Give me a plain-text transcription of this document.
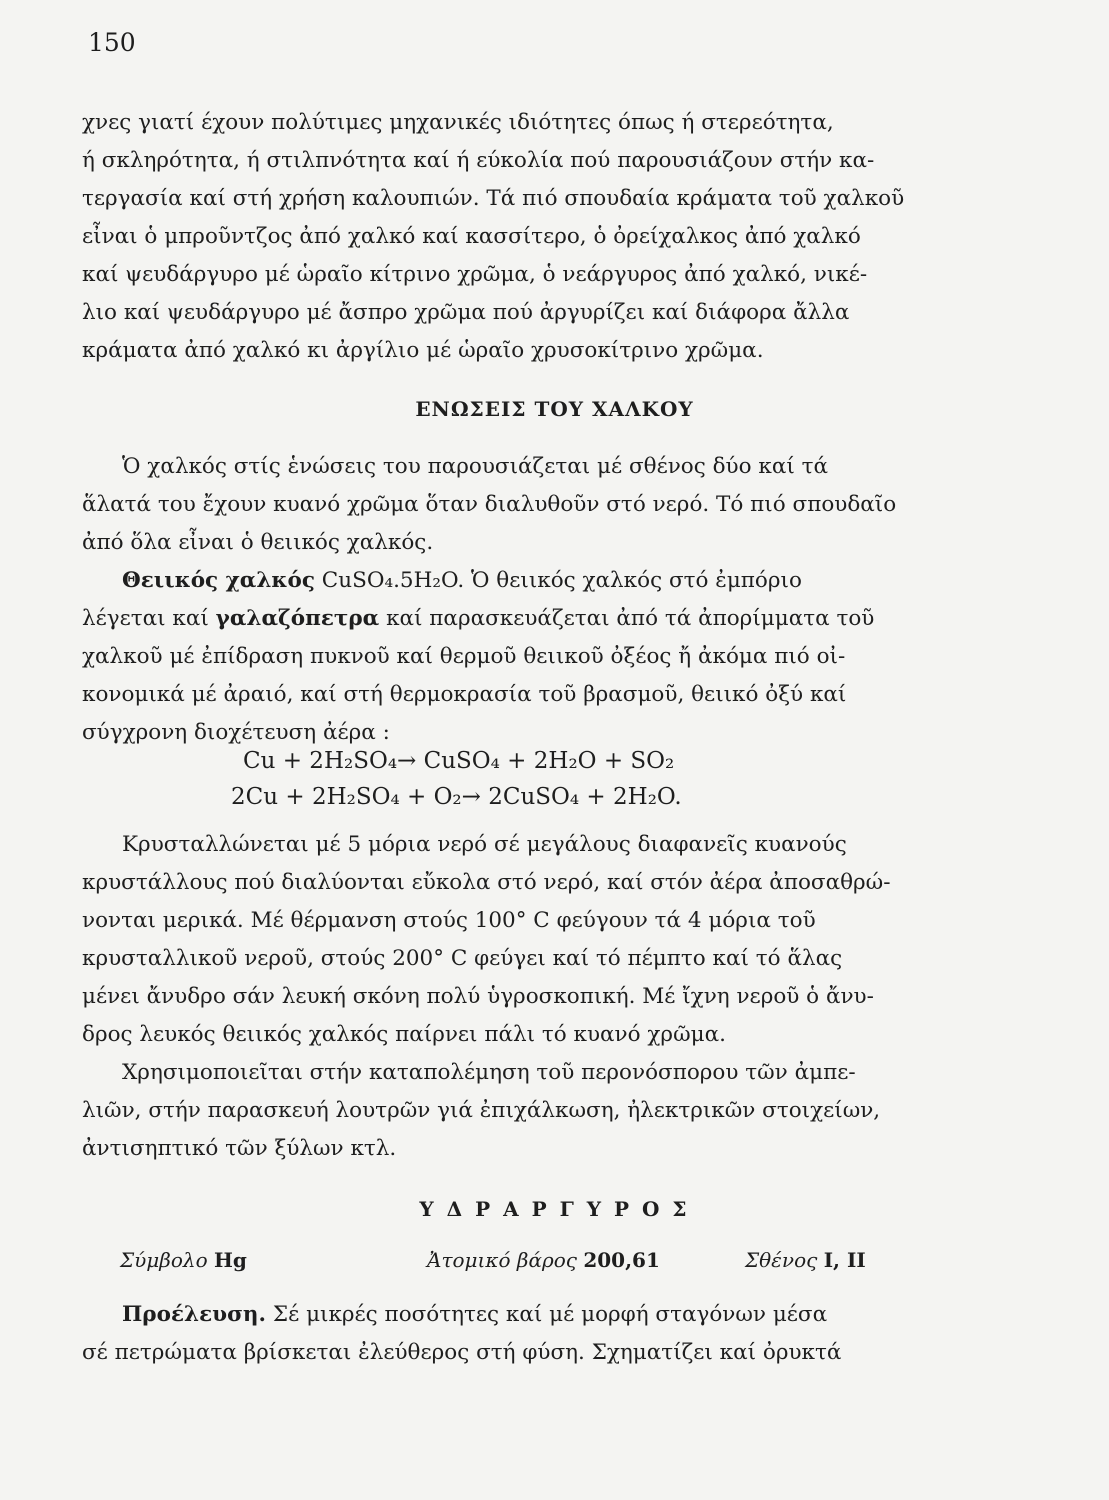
150
χνες γιατί έχουν πολύτιμες μηχανικές ιδιότητες όπως ή στερεότητα,
ή σκληρότητα, ή στιλπνότητα καί ή εύκολία πού παρουσιάζουν στήν κα-
τεργασία καί στή χρήση καλουπιών. Τά πιό σπουδαία κράματα τοῦ χαλκοῦ
εἶναι ὁ μπροῦντζος ἀπό χαλκό καί κασσίτερο, ὁ ὀρείχαλκος ἀπό χαλκό
καί ψευδάργυρο μέ ὡραῖο κίτρινο χρῶμα, ὁ νεάργυρος ἀπό χαλκό, νικέ-
λιο καί ψευδάργυρο μέ ἄσπρο χρῶμα πού ἀργυρίζει καί διάφορα ἄλλα
κράματα ἀπό χαλκό κι ἀργίλιο μέ ὡραῖο χρυσοκίτρινο χρῶμα.
ΕΝΩΣΕΙΣ ΤΟΥ ΧΑΛΚΟΥ
Ὁ χαλκός στίς ἑνώσεις του παρουσιάζεται μέ σθένος δύο καί τά
ἅλατά του ἔχουν κυανό χρῶμα ὅταν διαλυθοῦν στό νερό. Τό πιό σπουδαῖο
ἀπό ὅλα εἶναι ὁ θειικός χαλκός.
Θειικός χαλκός CuSO₄.5H₂O. Ὁ θειικός χαλκός στό ἐμπόριο
λέγεται καί γαλαζόπετρα καί παρασκευάζεται ἀπό τά ἀπορίμματα τοῦ
χαλκοῦ μέ ἐπίδραση πυκνοῦ καί θερμοῦ θειικοῦ ὀξέος ἤ ἀκόμα πιό οἰ-
κονομικά μέ ἀραιό, καί στή θερμοκρασία τοῦ βρασμοῦ, θειικό ὀξύ καί
σύγχρονη διοχέτευση ἀέρα :
Cu + 2H₂SO₄→ CuSO₄ + 2H₂O + SO₂
2Cu + 2H₂SO₄ + O₂→ 2CuSO₄ + 2H₂O.
Κρυσταλλώνεται μέ 5 μόρια νερό σέ μεγάλους διαφανεῖς κυανούς
κρυστάλλους πού διαλύονται εὔκολα στό νερό, καί στόν ἀέρα ἀποσαθρώ-
νονται μερικά. Μέ θέρμανση στούς 100° C φεύγουν τά 4 μόρια τοῦ
κρυσταλλικοῦ νεροῦ, στούς 200° C φεύγει καί τό πέμπτο καί τό ἅλας
μένει ἄνυδρο σάν λευκή σκόνη πολύ ὑγροσκοπική. Μέ ἴχνη νεροῦ ὁ ἄνυ-
δρος λευκός θειικός χαλκός παίρνει πάλι τό κυανό χρῶμα.
Χρησιμοποιεῖται στήν καταπολέμηση τοῦ περονόσπορου τῶν ἀμπε-
λιῶν, στήν παρασκευή λουτρῶν γιά ἐπιχάλκωση, ἠλεκτρικῶν στοιχείων,
ἀντισηπτικό τῶν ξύλων κτλ.
Υ Δ Ρ Α Ρ Γ Υ Ρ Ο Σ
Σύμβολο Hg	Ἀτομικό βάρος 200,61	Σθένος I, II
Προέλευση. Σέ μικρές ποσότητες καί μέ μορφή σταγόνων μέσα
σέ πετρώματα βρίσκεται ἐλεύθερος στή φύση. Σχηματίζει καί ὀρυκτά
